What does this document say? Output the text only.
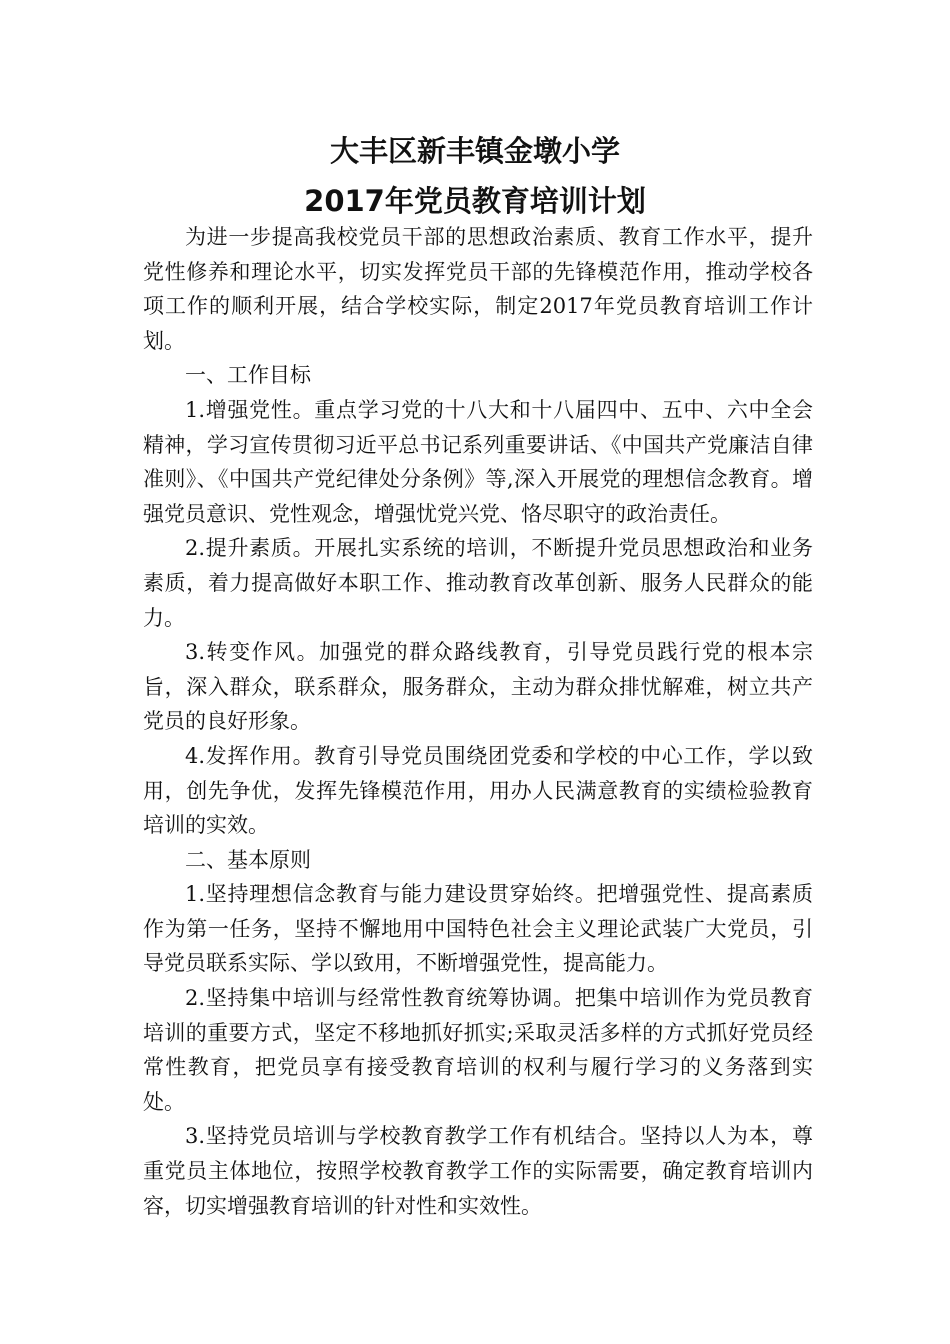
大丰区新丰镇金墩小学
2017年党员教育培训计划

为进一步提高我校党员干部的思想政治素质、教育工作水平，提升党性修养和理论水平，切实发挥党员干部的先锋模范作用，推动学校各项工作的顺利开展，结合学校实际，制定2017年党员教育培训工作计划。

一、工作目标

1.增强党性。重点学习党的十八大和十八届四中、五中、六中全会精神，学习宣传贯彻习近平总书记系列重要讲话、《中国共产党廉洁自律准则》、《中国共产党纪律处分条例》等,深入开展党的理想信念教育。增强党员意识、党性观念，增强忧党兴党、恪尽职守的政治责任。

2.提升素质。开展扎实系统的培训，不断提升党员思想政治和业务素质，着力提高做好本职工作、推动教育改革创新、服务人民群众的能力。

3.转变作风。加强党的群众路线教育，引导党员践行党的根本宗旨，深入群众，联系群众，服务群众，主动为群众排忧解难，树立共产党员的良好形象。

4.发挥作用。教育引导党员围绕团党委和学校的中心工作，学以致用，创先争优，发挥先锋模范作用，用办人民满意教育的实绩检验教育培训的实效。

二、基本原则

1.坚持理想信念教育与能力建设贯穿始终。把增强党性、提高素质作为第一任务，坚持不懈地用中国特色社会主义理论武装广大党员，引导党员联系实际、学以致用，不断增强党性，提高能力。

2.坚持集中培训与经常性教育统筹协调。把集中培训作为党员教育培训的重要方式，坚定不移地抓好抓实;采取灵活多样的方式抓好党员经常性教育，把党员享有接受教育培训的权利与履行学习的义务落到实处。

3.坚持党员培训与学校教育教学工作有机结合。坚持以人为本，尊重党员主体地位，按照学校教育教学工作的实际需要，确定教育培训内容，切实增强教育培训的针对性和实效性。
